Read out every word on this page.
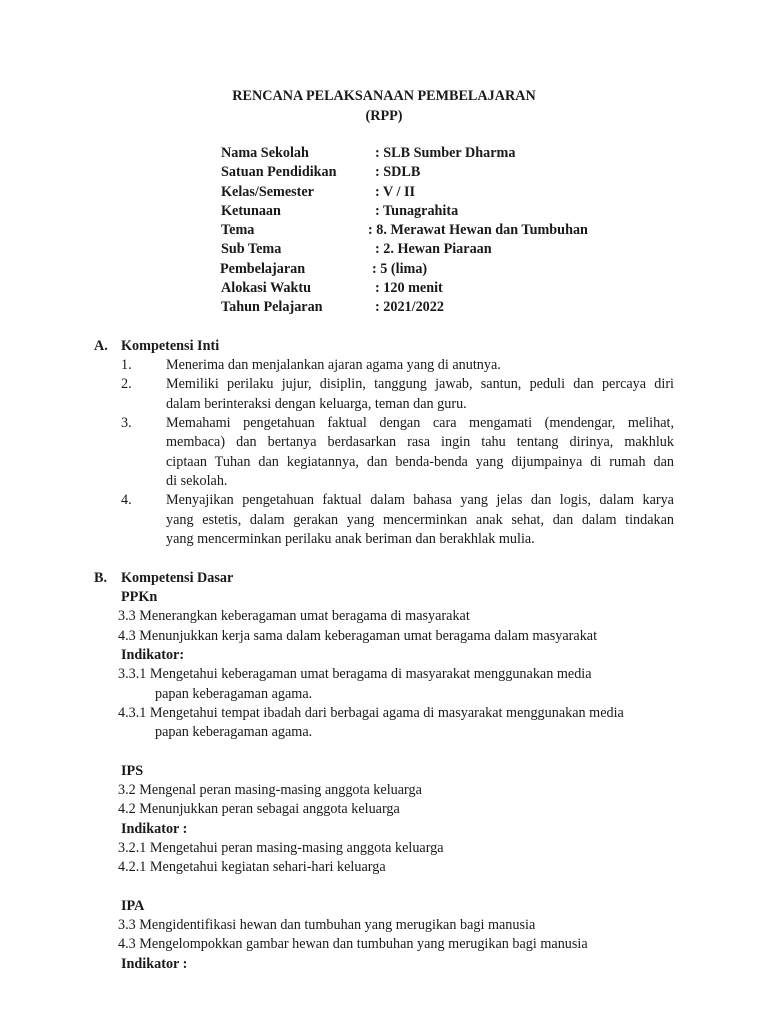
RENCANA PELAKSANAAN PEMBELAJARAN
(RPP)
Nama Sekolah	: SLB Sumber Dharma
Satuan Pendidikan	: SDLB
Kelas/Semester	: V / II
Ketunaan	: Tunagrahita
Tema	: 8. Merawat Hewan dan Tumbuhan
Sub Tema	: 2. Hewan Piaraan
Pembelajaran	: 5 (lima)
Alokasi Waktu	: 120 menit
Tahun Pelajaran	: 2021/2022
A. Kompetensi Inti
1. Menerima dan menjalankan ajaran agama yang di anutnya.
2. Memiliki perilaku jujur, disiplin, tanggung jawab, santun, peduli dan percaya diri
dalam berinteraksi dengan keluarga, teman dan guru.
3. Memahami pengetahuan faktual dengan cara mengamati (mendengar, melihat,
membaca) dan bertanya berdasarkan rasa ingin tahu tentang dirinya, makhluk
ciptaan Tuhan dan kegiatannya, dan benda-benda yang dijumpainya di rumah dan
di sekolah.
4. Menyajikan pengetahuan faktual dalam bahasa yang jelas dan logis, dalam karya
yang estetis, dalam gerakan yang mencerminkan anak sehat, dan dalam tindakan
yang mencerminkan perilaku anak beriman dan berakhlak mulia.
B. Kompetensi Dasar
PPKn
3.3 Menerangkan keberagaman umat beragama di masyarakat
4.3 Menunjukkan kerja sama dalam keberagaman umat beragama dalam masyarakat
Indikator:
3.3.1 Mengetahui keberagaman umat beragama di masyarakat menggunakan media
papan keberagaman agama.
4.3.1 Mengetahui tempat ibadah dari berbagai agama di masyarakat menggunakan media
papan keberagaman agama.
IPS
3.2 Mengenal peran masing-masing anggota keluarga
4.2 Menunjukkan peran sebagai anggota keluarga
Indikator :
3.2.1 Mengetahui peran masing-masing anggota keluarga
4.2.1 Mengetahui kegiatan sehari-hari keluarga
IPA
3.3 Mengidentifikasi hewan dan tumbuhan yang merugikan bagi manusia
4.3 Mengelompokkan gambar hewan dan tumbuhan yang merugikan bagi manusia
Indikator :
